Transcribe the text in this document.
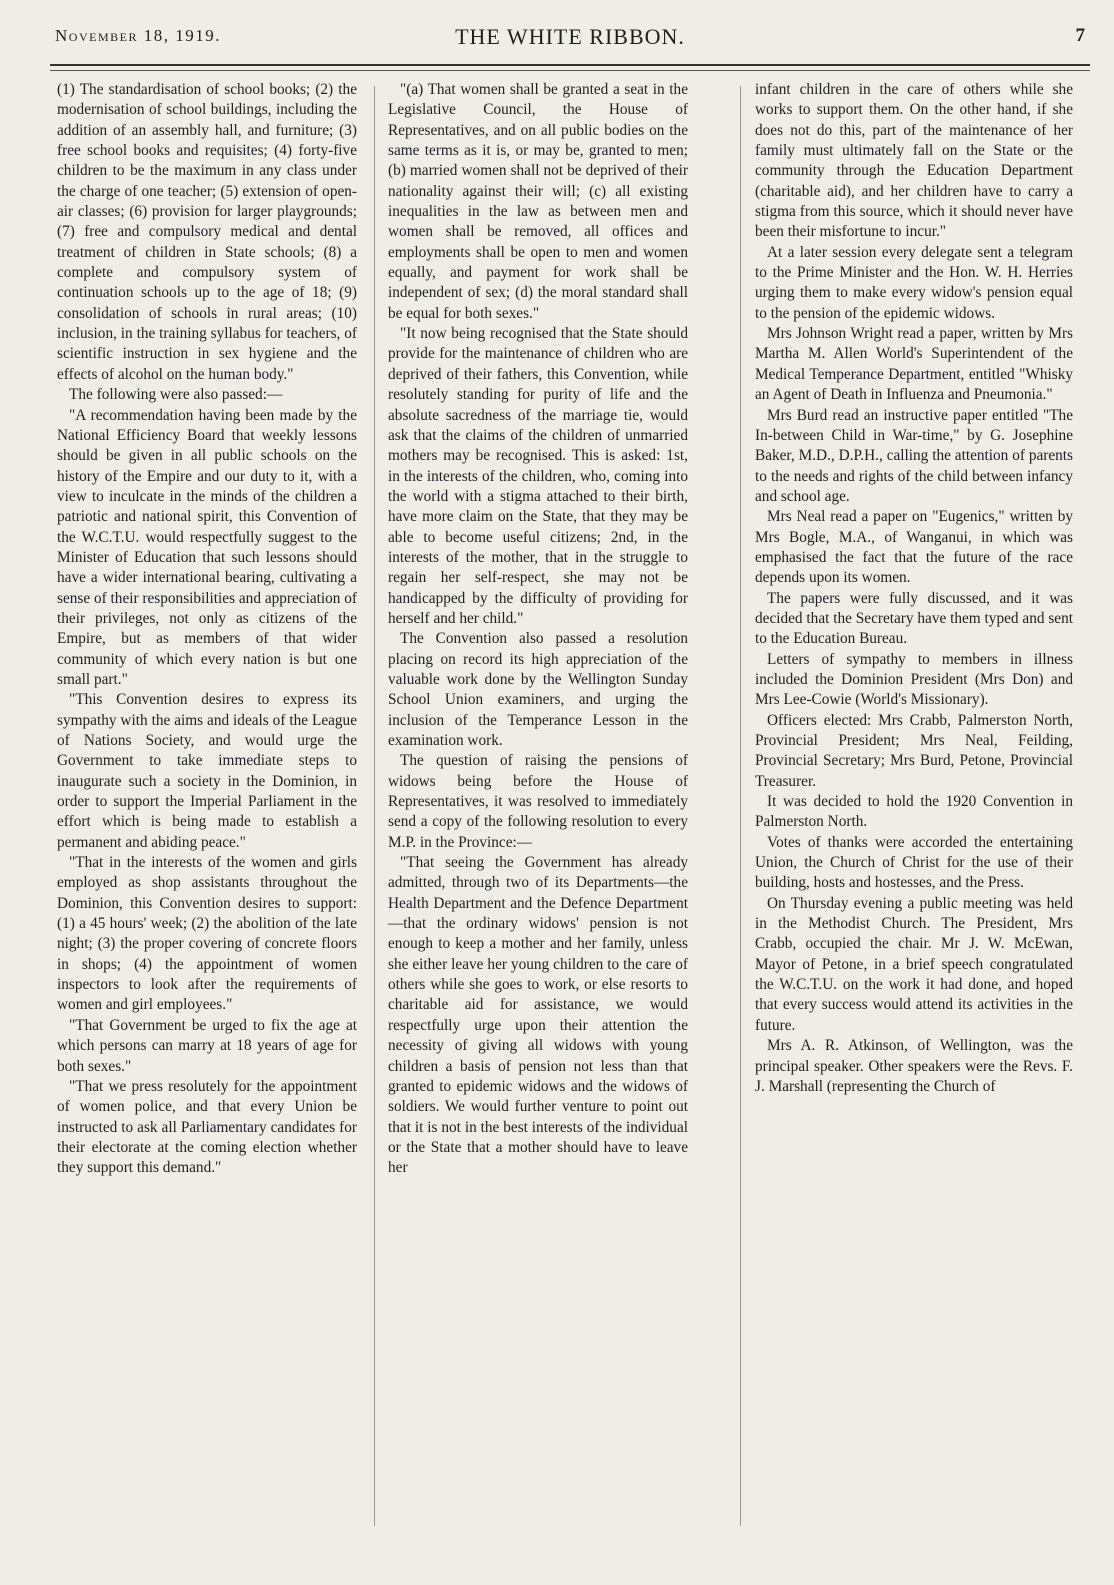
November 18, 1919.	THE WHITE RIBBON.	7

(1) The standardisation of school books; (2) the modernisation of school buildings, including the addition of an assembly hall, and furniture; (3) free school books and requisites; (4) forty-five children to be the maximum in any class under the charge of one teacher; (5) extension of open-air classes; (6) provision for larger playgrounds; (7) free and compulsory medical and dental treatment of children in State schools; (8) a complete and compulsory system of continuation schools up to the age of 18; (9) consolidation of schools in rural areas; (10) inclusion, in the training syllabus for teachers, of scientific instruction in sex hygiene and the effects of alcohol on the human body."

The following were also passed:—

"A recommendation having been made by the National Efficiency Board that weekly lessons should be given in all public schools on the history of the Empire and our duty to it, with a view to inculcate in the minds of the children a patriotic and national spirit, this Convention of the W.C.T.U. would respectfully suggest to the Minister of Education that such lessons should have a wider international bearing, cultivating a sense of their responsibilities and appreciation of their privileges, not only as citizens of the Empire, but as members of that wider community of which every nation is but one small part."

"This Convention desires to express its sympathy with the aims and ideals of the League of Nations Society, and would urge the Government to take immediate steps to inaugurate such a society in the Dominion, in order to support the Imperial Parliament in the effort which is being made to establish a permanent and abiding peace."

"That in the interests of the women and girls employed as shop assistants throughout the Dominion, this Convention desires to support: (1) a 45 hours' week; (2) the abolition of the late night; (3) the proper covering of concrete floors in shops; (4) the appointment of women inspectors to look after the requirements of women and girl employees."

"That Government be urged to fix the age at which persons can marry at 18 years of age for both sexes."

"That we press resolutely for the appointment of women police, and that every Union be instructed to ask all Parliamentary candidates for their electorate at the coming election whether they support this demand."

"(a) That women shall be granted a seat in the Legislative Council, the House of Representatives, and on all public bodies on the same terms as it is, or may be, granted to men; (b) married women shall not be deprived of their nationality against their will; (c) all existing inequalities in the law as between men and women shall be removed, all offices and employments shall be open to men and women equally, and payment for work shall be independent of sex; (d) the moral standard shall be equal for both sexes."

"It now being recognised that the State should provide for the maintenance of children who are deprived of their fathers, this Convention, while resolutely standing for purity of life and the absolute sacredness of the marriage tie, would ask that the claims of the children of unmarried mothers may be recognised. This is asked: 1st, in the interests of the children, who, coming into the world with a stigma attached to their birth, have more claim on the State, that they may be able to become useful citizens; 2nd, in the interests of the mother, that in the struggle to regain her self-respect, she may not be handicapped by the difficulty of providing for herself and her child."

The Convention also passed a resolution placing on record its high appreciation of the valuable work done by the Wellington Sunday School Union examiners, and urging the inclusion of the Temperance Lesson in the examination work.

The question of raising the pensions of widows being before the House of Representatives, it was resolved to immediately send a copy of the following resolution to every M.P. in the Province:—

"That seeing the Government has already admitted, through two of its Departments—the Health Department and the Defence Department—that the ordinary widows' pension is not enough to keep a mother and her family, unless she either leave her young children to the care of others while she goes to work, or else resorts to charitable aid for assistance, we would respectfully urge upon their attention the necessity of giving all widows with young children a basis of pension not less than that granted to epidemic widows and the widows of soldiers. We would further venture to point out that it is not in the best interests of the individual or the State that a mother should have to leave her

infant children in the care of others while she works to support them. On the other hand, if she does not do this, part of the maintenance of her family must ultimately fall on the State or the community through the Education Department (charitable aid), and her children have to carry a stigma from this source, which it should never have been their misfortune to incur."

At a later session every delegate sent a telegram to the Prime Minister and the Hon. W. H. Herries urging them to make every widow's pension equal to the pension of the epidemic widows.

Mrs Johnson Wright read a paper, written by Mrs Martha M. Allen World's Superintendent of the Medical Temperance Department, entitled "Whisky an Agent of Death in Influenza and Pneumonia."

Mrs Burd read an instructive paper entitled "The In-between Child in War-time," by G. Josephine Baker, M.D., D.P.H., calling the attention of parents to the needs and rights of the child between infancy and school age.

Mrs Neal read a paper on "Eugenics," written by Mrs Bogle, M.A., of Wanganui, in which was emphasised the fact that the future of the race depends upon its women.

The papers were fully discussed, and it was decided that the Secretary have them typed and sent to the Education Bureau.

Letters of sympathy to members in illness included the Dominion President (Mrs Don) and Mrs Lee-Cowie (World's Missionary).

Officers elected: Mrs Crabb, Palmerston North, Provincial President; Mrs Neal, Feilding, Provincial Secretary; Mrs Burd, Petone, Provincial Treasurer.

It was decided to hold the 1920 Convention in Palmerston North.

Votes of thanks were accorded the entertaining Union, the Church of Christ for the use of their building, hosts and hostesses, and the Press.

On Thursday evening a public meeting was held in the Methodist Church. The President, Mrs Crabb, occupied the chair. Mr J. W. McEwan, Mayor of Petone, in a brief speech congratulated the W.C.T.U. on the work it had done, and hoped that every success would attend its activities in the future.

Mrs A. R. Atkinson, of Wellington, was the principal speaker. Other speakers were the Revs. F. J. Marshall (representing the Church of
